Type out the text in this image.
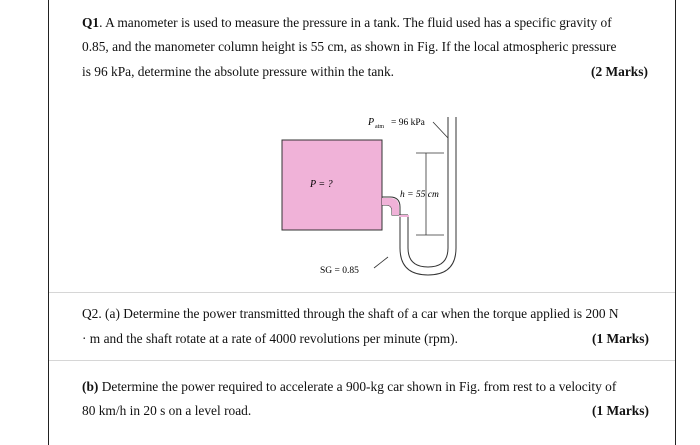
Q1. A manometer is used to measure the pressure in a tank. The fluid used has a specific gravity of
0.85, and the manometer column height is 55 cm, as shown in Fig. If the local atmospheric pressure
is 96 kPa, determine the absolute pressure within the tank.	(2 Marks)
P atm = 96 kPa
P = ?
h = 55 cm
SG = 0.85
Q2. (a) Determine the power transmitted through the shaft of a car when the torque applied is 200 N
· m and the shaft rotate at a rate of 4000 revolutions per minute (rpm).	(1 Marks)
(b) Determine the power required to accelerate a 900-kg car shown in Fig. from rest to a velocity of
80 km/h in 20 s on a level road.	(1 Marks)
